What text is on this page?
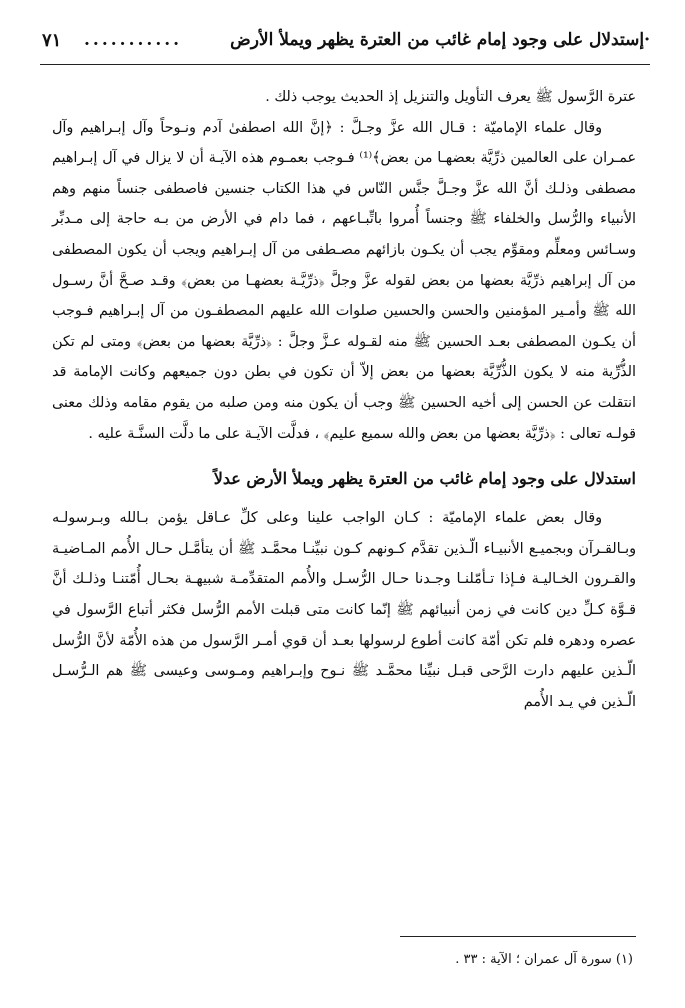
·إستدلال على وجود إمام غائب من العترة يظهر ويملأ الأرض
...........
٧١

عترة الرَّسول ﷺ يعرف التأويل والتنزيل إذ الحديث يوجب ذلك .

وقال علماء الإماميّة : قـال الله عزَّ وجـلَّ : ﴿إنَّ الله اصطفىٰ آدم ونـوحاً وآل إبـراهيم وآل عمـران على العالمين ذرِّيَّة بعضهـا من بعض﴾⁽¹⁾ فـوجب بعمـوم هذه الآيـة أن لا يزال في آل إبـراهيم مصطفى وذلـك أنَّ الله عزَّ وجـلَّ جنَّس النّاس في هذا الكتاب جنسين فاصطفى جنساً منهم وهم الأنبياء والرُّسل والخلفاء ﷺ وجنساً أُمروا باتِّبـاعهم ، فما دام في الأرض من بـه حاجة إلى مـدبِّر وسـائس ومعلِّم ومقوِّم يجب أن يكـون بازائهم مصـطفى من آل إبـراهيم ويجب أن يكون المصطفى من آل إبراهيم ذرِّيَّة بعضها من بعض لقوله عزَّ وجلَّ ﴿ذرِّيَّـة بعضهـا من بعض﴾ وقـد صـحَّ أنَّ رسـول الله ﷺ وأمـير المؤمنين والحسن والحسين صلوات الله عليهم المصطفـون من آل إبـراهيم فـوجب أن يكـون المصطفى بعـد الحسين ﷺ منه لقـوله عـزَّ وجلَّ : ﴿ذرِّيَّة بعضها من بعض﴾ ومتى لم تكن الذُّرِّية منه لا يكون الذُّرِّيَّة بعضها من بعض إلاّ أن تكون في بطن دون جميعهم وكانت الإمامة قد انتقلت عن الحسن إلى أخيه الحسين ﷺ وجب أن يكون منه ومن صلبه من يقوم مقامه وذلك معنى قولـه تعالى : ﴿ذرِّيَّة بعضها من بعض والله سميع عليم﴾ ، فدلَّت الآيـة على ما دلَّت السنَّـة عليه .

استدلال على وجود إمام غائب من العترة يظهر ويملأ الأرض عدلاً

وقال بعض علماء الإماميّة : كـان الواجب علينا وعلى كلِّ عـاقل يؤمن بـالله وبـرسولـه وبـالقـرآن وبجميـع الأنبيـاء الّـذين تقدَّم كـونهم كـون نبيِّنـا محمَّـد ﷺ أن يتأمَّـل حـال الأُمم المـاضيـة والقـرون الخـاليـة فـإذا تـأمّلنـا وجـدنا حـال الرُّسـل والأُمم المتقدِّمـة شبيهـة بحـال أُمّتنـا وذلـك أنَّ قـوَّة كـلِّ دين كانت في زمن أنبيائهم ﷺ إنّما كانت متى قبلت الأمم الرُّسل فكثر أتباع الرَّسول في عصره ودهره فلم تكن أمّة كانت أطوع لرسولها بعـد أن قوي أمـر الرَّسول من هذه الأُمّة لأنَّ الرُّسل الّـذين عليهم دارت الرَّحى قبـل نبيِّنا محمَّـد ﷺ نـوح وإبـراهيم ومـوسى وعيسى ﷺ هم الـرُّسـل الّـذين في يـد الأُمم

(١) سورة آل عمران ؛ الآية : ٣٣ .
